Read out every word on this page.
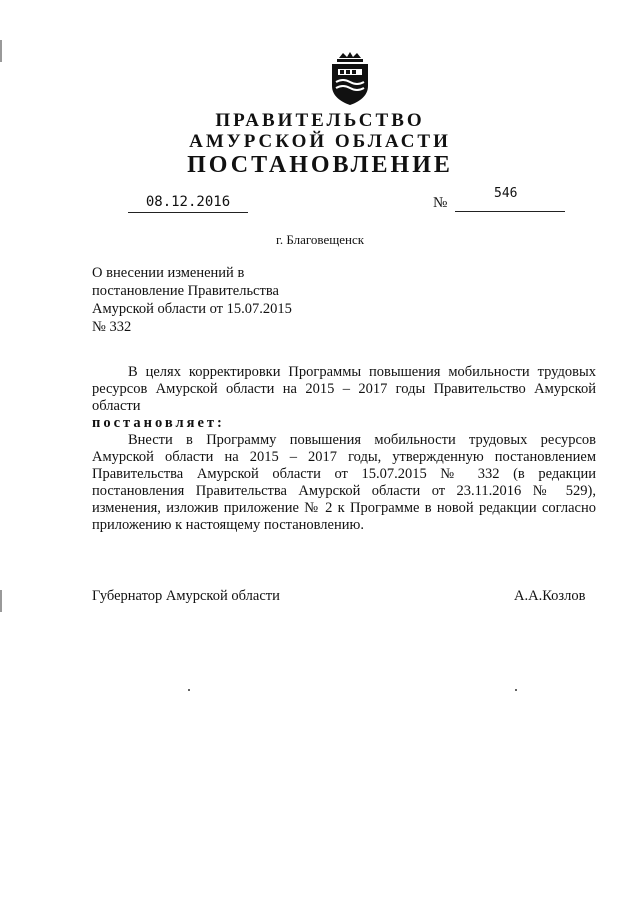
ПРАВИТЕЛЬСТВО
АМУРСКОЙ ОБЛАСТИ
ПОСТАНОВЛЕНИЕ
08.12.2016	№
546
г. Благовещенск
О внесении изменений в
постановление Правительства
Амурской области от 15.07.2015
№ 332

В целях корректировки Программы повышения мобильности трудовых ресурсов Амурской области на 2015 – 2017 годы Правительство Амурской области

постановляет:

Внести в Программу повышения мобильности трудовых ресурсов Амурской области на 2015 – 2017 годы, утвержденную постановлением Правительства Амурской области от 15.07.2015 № 332 (в редакции постановления Правительства Амурской области от 23.11.2016 № 529), изменения, изложив приложение № 2 к Программе в новой редакции согласно приложению к настоящему постановлению.

Губернатор Амурской области	А.А.Козлов
